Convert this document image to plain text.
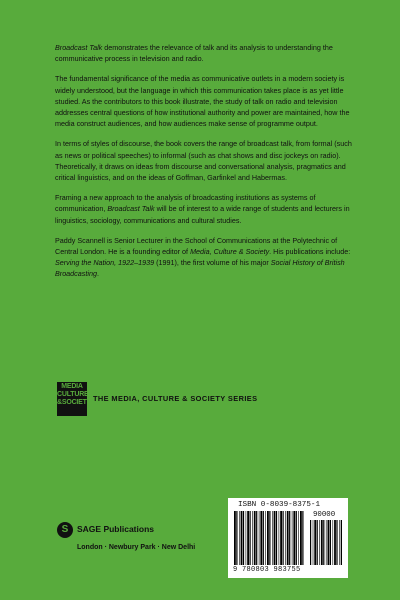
Broadcast Talk demonstrates the relevance of talk and its analysis to understanding the communicative process in television and radio.

The fundamental significance of the media as communicative outlets in a modern society is widely understood, but the language in which this communication takes place is as yet little studied. As the contributors to this book illustrate, the study of talk on radio and television addresses central questions of how institutional authority and power are maintained, how the media construct audiences, and how audiences make sense of programme output.

In terms of styles of discourse, the book covers the range of broadcast talk, from formal (such as news or political speeches) to informal (such as chat shows and disc jockeys on radio). Theoretically, it draws on ideas from discourse and conversational analysis, pragmatics and critical linguistics, and on the ideas of Goffman, Garfinkel and Habermas.

Framing a new approach to the analysis of broadcasting institutions as systems of communication, Broadcast Talk will be of interest to a wide range of students and lecturers in linguistics, sociology, communications and cultural studies.

Paddy Scannell is Senior Lecturer in the School of Communications at the Polytechnic of Central London. He is a founding editor of Media, Culture & Society. His publications include: Serving the Nation, 1922–1939 (1991), the first volume of his major Social History of British Broadcasting.

MEDIA
CULTURE
&SOCIETY THE MEDIA, CULTURE & SOCIETY SERIES
S	SAGE Publications
London · Newbury Park · New Delhi
ISBN 0-8039-8375-1
90000
9 780803 983755
